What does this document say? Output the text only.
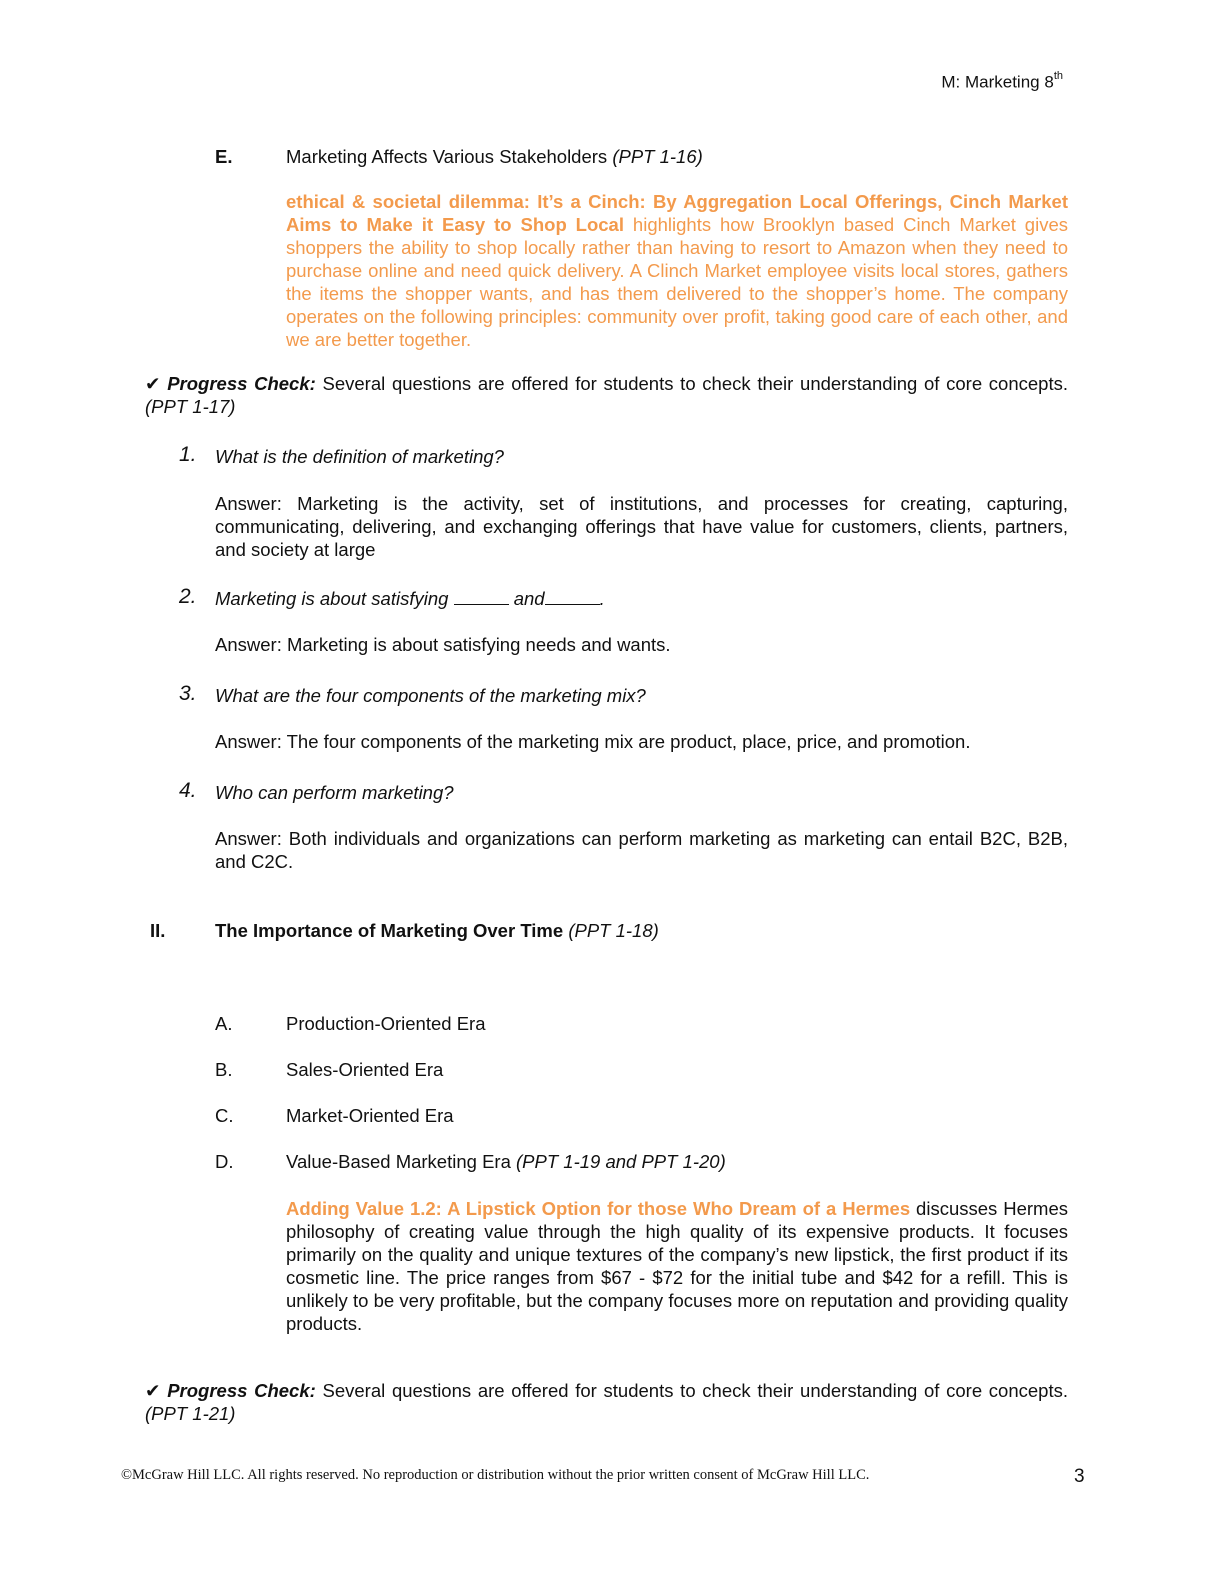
M: Marketing 8th
E.	Marketing Affects Various Stakeholders (PPT 1-16)
ethical & societal dilemma: It’s a Cinch: By Aggregation Local Offerings, Cinch Market Aims to Make it Easy to Shop Local highlights how Brooklyn based Cinch Market gives shoppers the ability to shop locally rather than having to resort to Amazon when they need to purchase online and need quick delivery. A Clinch Market employee visits local stores, gathers the items the shopper wants, and has them delivered to the shopper’s home. The company operates on the following principles: community over profit, taking good care of each other, and we are better together.
✔ Progress Check: Several questions are offered for students to check their understanding of core concepts. (PPT 1-17)
1. What is the definition of marketing?
Answer: Marketing is the activity, set of institutions, and processes for creating, capturing, communicating, delivering, and exchanging offerings that have value for customers, clients, partners, and society at large
2. Marketing is about satisfying	and	.
Answer: Marketing is about satisfying needs and wants.
3. What are the four components of the marketing mix?
Answer: The four components of the marketing mix are product, place, price, and promotion.
4. Who can perform marketing?
Answer: Both individuals and organizations can perform marketing as marketing can entail B2C, B2B, and C2C.
II.	The Importance of Marketing Over Time (PPT 1-18)
A.	Production-Oriented Era
B.	Sales-Oriented Era
C.	Market-Oriented Era
D.	Value-Based Marketing Era (PPT 1-19 and PPT 1-20)
Adding Value 1.2: A Lipstick Option for those Who Dream of a Hermes discusses Hermes philosophy of creating value through the high quality of its expensive products. It focuses primarily on the quality and unique textures of the company’s new lipstick, the first product if its cosmetic line. The price ranges from $67 - $72 for the initial tube and $42 for a refill. This is unlikely to be very profitable, but the company focuses more on reputation and providing quality products.
✔ Progress Check: Several questions are offered for students to check their understanding of core concepts. (PPT 1-21)
©McGraw Hill LLC. All rights reserved. No reproduction or distribution without the prior written consent of McGraw Hill LLC.	3
